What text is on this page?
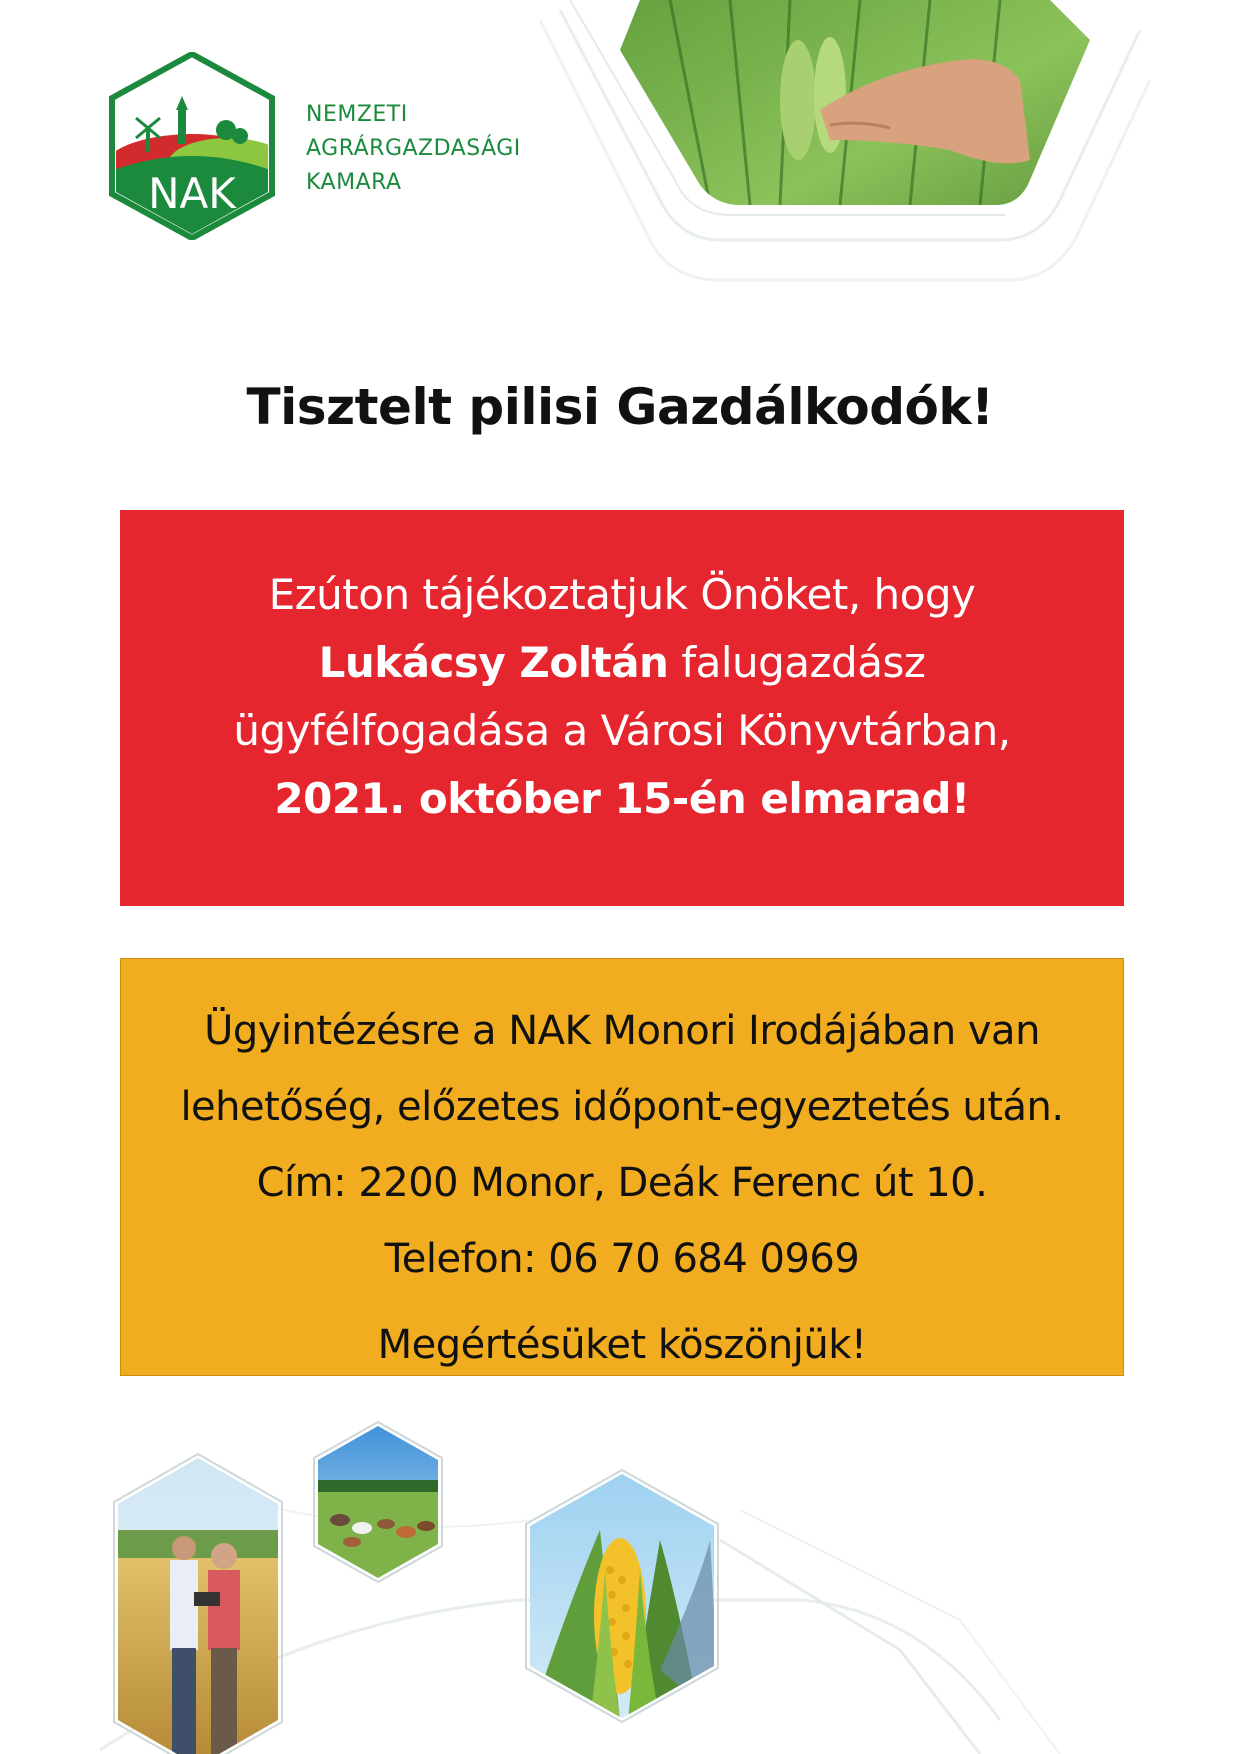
NAK
NEMZETI
AGRÁRGAZDASÁGI
KAMARA
Tisztelt pilisi Gazdálkodók!
Ezúton tájékoztatjuk Önöket, hogy
Lukácsy Zoltán falugazdász
ügyfélfogadása a Városi Könyvtárban,
2021. október 15-én elmarad!
Ügyintézésre a NAK Monori Irodájában van
lehetőség, előzetes időpont-egyeztetés után.
Cím: 2200 Monor, Deák Ferenc út 10.
Telefon: 06 70 684 0969
Megértésüket köszönjük!
